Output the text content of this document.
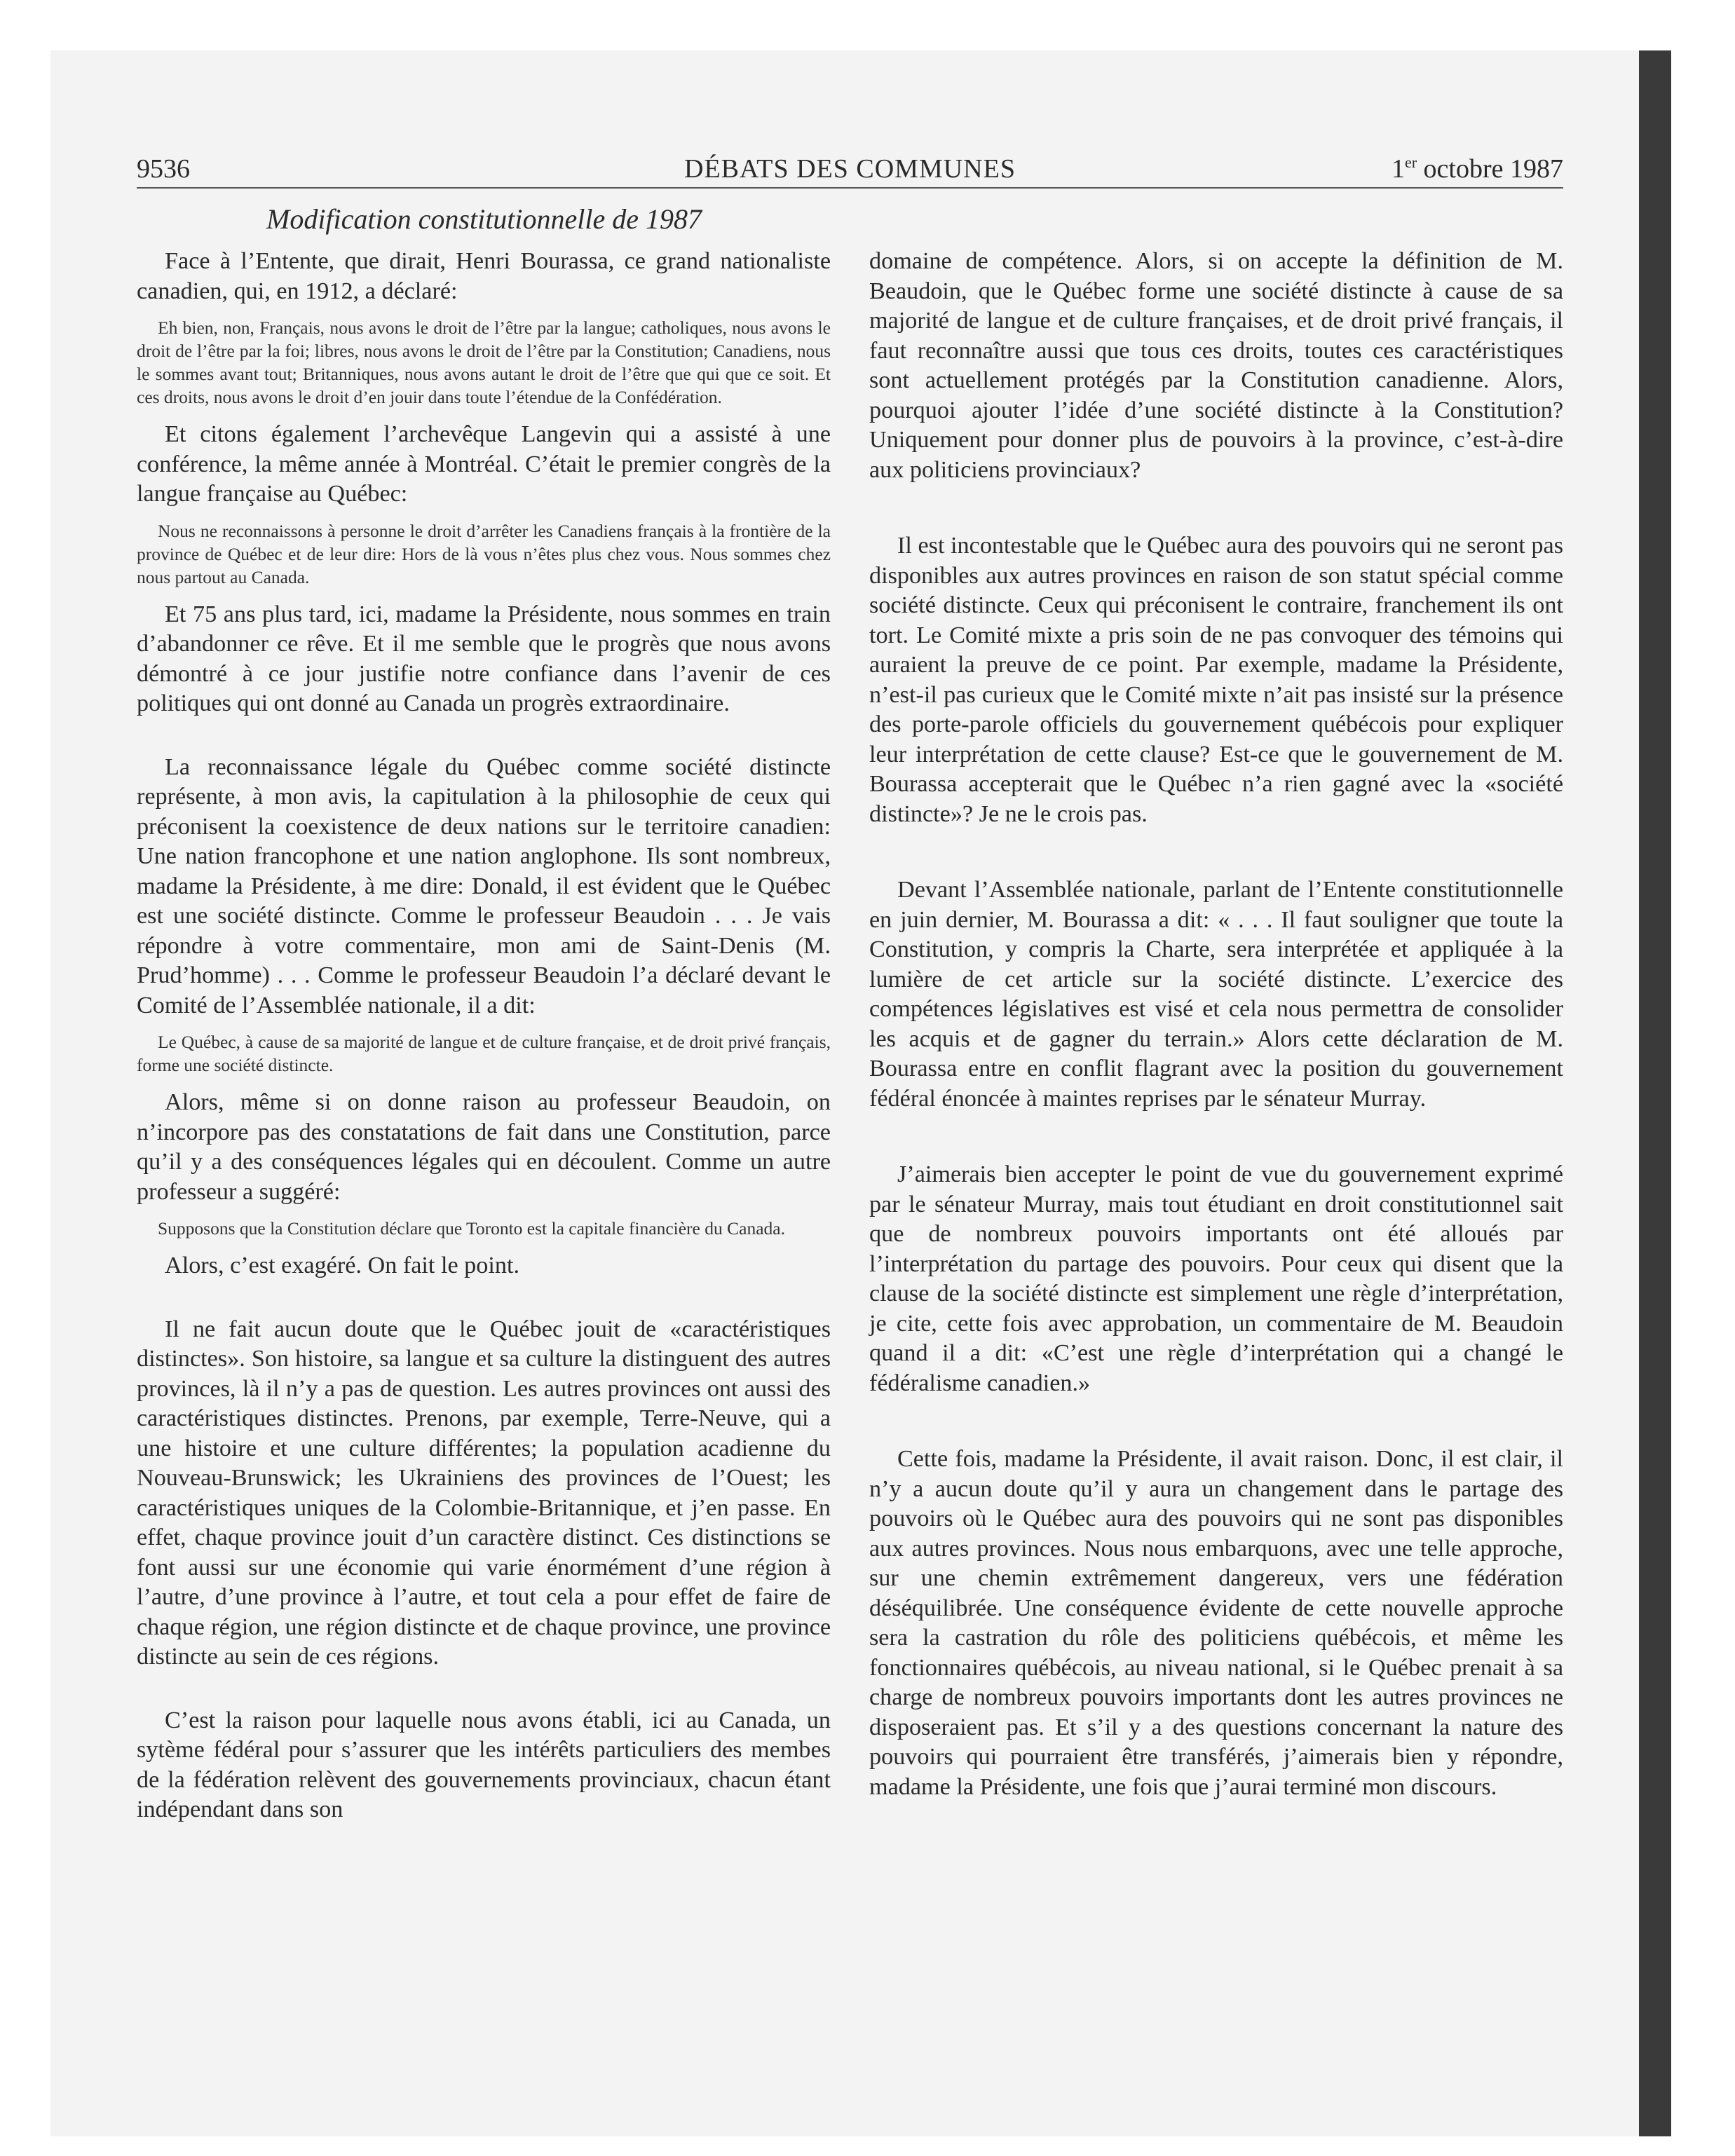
9536	DÉBATS DES COMMUNES	1er octobre 1987
Modification constitutionnelle de 1987

Face à l’Entente, que dirait, Henri Bourassa, ce grand nationaliste canadien, qui, en 1912, a déclaré:

Eh bien, non, Français, nous avons le droit de l’être par la langue; catholiques, nous avons le droit de l’être par la foi; libres, nous avons le droit de l’être par la Constitution; Canadiens, nous le sommes avant tout; Britanniques, nous avons autant le droit de l’être que qui que ce soit. Et ces droits, nous avons le droit d’en jouir dans toute l’étendue de la Confédération.

Et citons également l’archevêque Langevin qui a assisté à une conférence, la même année à Montréal. C’était le premier congrès de la langue française au Québec:

Nous ne reconnaissons à personne le droit d’arrêter les Canadiens français à la frontière de la province de Québec et de leur dire: Hors de là vous n’êtes plus chez vous. Nous sommes chez nous partout au Canada.

Et 75 ans plus tard, ici, madame la Présidente, nous sommes en train d’abandonner ce rêve. Et il me semble que le progrès que nous avons démontré à ce jour justifie notre confiance dans l’avenir de ces politiques qui ont donné au Canada un progrès extraordinaire.

La reconnaissance légale du Québec comme société distincte représente, à mon avis, la capitulation à la philosophie de ceux qui préconisent la coexistence de deux nations sur le territoire canadien: Une nation francophone et une nation anglophone. Ils sont nombreux, madame la Présidente, à me dire: Donald, il est évident que le Québec est une société distincte. Comme le professeur Beaudoin . . . Je vais répondre à votre commentaire, mon ami de Saint-Denis (M. Prud’homme) . . . Comme le professeur Beaudoin l’a déclaré devant le Comité de l’Assemblée nationale, il a dit:

Le Québec, à cause de sa majorité de langue et de culture française, et de droit privé français, forme une société distincte.

Alors, même si on donne raison au professeur Beaudoin, on n’incorpore pas des constatations de fait dans une Constitution, parce qu’il y a des conséquences légales qui en découlent. Comme un autre professeur a suggéré:

Supposons que la Constitution déclare que Toronto est la capitale financière du Canada.

Alors, c’est exagéré. On fait le point.

Il ne fait aucun doute que le Québec jouit de «caractéristiques distinctes». Son histoire, sa langue et sa culture la distinguent des autres provinces, là il n’y a pas de question. Les autres provinces ont aussi des caractéristiques distinctes. Prenons, par exemple, Terre-Neuve, qui a une histoire et une culture différentes; la population acadienne du Nouveau-Brunswick; les Ukrainiens des provinces de l’Ouest; les caractéristiques uniques de la Colombie-Britannique, et j’en passe. En effet, chaque province jouit d’un caractère distinct. Ces distinctions se font aussi sur une économie qui varie énormément d’une région à l’autre, d’une province à l’autre, et tout cela a pour effet de faire de chaque région, une région distincte et de chaque province, une province distincte au sein de ces régions.

C’est la raison pour laquelle nous avons établi, ici au Canada, un sytème fédéral pour s’assurer que les intérêts particuliers des membes de la fédération relèvent des gouvernements provinciaux, chacun étant indépendant dans son

domaine de compétence. Alors, si on accepte la définition de M. Beaudoin, que le Québec forme une société distincte à cause de sa majorité de langue et de culture françaises, et de droit privé français, il faut reconnaître aussi que tous ces droits, toutes ces caractéristiques sont actuellement protégés par la Constitution canadienne. Alors, pourquoi ajouter l’idée d’une société distincte à la Constitution? Uniquement pour donner plus de pouvoirs à la province, c’est-à-dire aux politiciens provinciaux?

Il est incontestable que le Québec aura des pouvoirs qui ne seront pas disponibles aux autres provinces en raison de son statut spécial comme société distincte. Ceux qui préconisent le contraire, franchement ils ont tort. Le Comité mixte a pris soin de ne pas convoquer des témoins qui auraient la preuve de ce point. Par exemple, madame la Présidente, n’est-il pas curieux que le Comité mixte n’ait pas insisté sur la présence des porte-parole officiels du gouvernement québécois pour expliquer leur interprétation de cette clause? Est-ce que le gouvernement de M. Bourassa accepterait que le Québec n’a rien gagné avec la «société distincte»? Je ne le crois pas.

Devant l’Assemblée nationale, parlant de l’Entente constitutionnelle en juin dernier, M. Bourassa a dit: « . . . Il faut souligner que toute la Constitution, y compris la Charte, sera interprétée et appliquée à la lumière de cet article sur la société distincte. L’exercice des compétences législatives est visé et cela nous permettra de consolider les acquis et de gagner du terrain.» Alors cette déclaration de M. Bourassa entre en conflit flagrant avec la position du gouvernement fédéral énoncée à maintes reprises par le sénateur Murray.

J’aimerais bien accepter le point de vue du gouvernement exprimé par le sénateur Murray, mais tout étudiant en droit constitutionnel sait que de nombreux pouvoirs importants ont été alloués par l’interprétation du partage des pouvoirs. Pour ceux qui disent que la clause de la société distincte est simplement une règle d’interprétation, je cite, cette fois avec approbation, un commentaire de M. Beaudoin quand il a dit: «C’est une règle d’interprétation qui a changé le fédéralisme canadien.»

Cette fois, madame la Présidente, il avait raison. Donc, il est clair, il n’y a aucun doute qu’il y aura un changement dans le partage des pouvoirs où le Québec aura des pouvoirs qui ne sont pas disponibles aux autres provinces. Nous nous embarquons, avec une telle approche, sur une chemin extrêmement dangereux, vers une fédération déséquilibrée. Une conséquence évidente de cette nouvelle approche sera la castration du rôle des politiciens québécois, et même les fonctionnaires québécois, au niveau national, si le Québec prenait à sa charge de nombreux pouvoirs importants dont les autres provinces ne disposeraient pas. Et s’il y a des questions concernant la nature des pouvoirs qui pourraient être transférés, j’aimerais bien y répondre, madame la Présidente, une fois que j’aurai terminé mon discours.
